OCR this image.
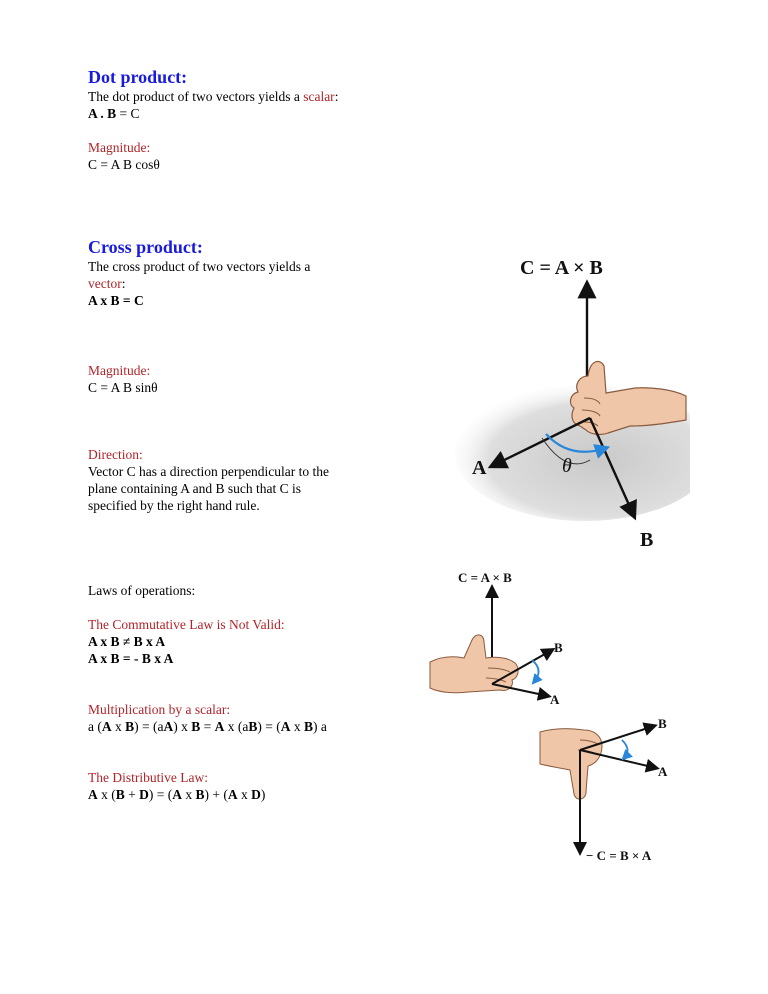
Dot product:
The dot product of two vectors yields a scalar:
A . B = C
Magnitude:
C = A B cosθ
Cross product:
The cross product of two vectors yields a
vector:
A x B = C
Magnitude:
C = A B sinθ
Direction:
Vector C has a direction perpendicular to the
plane containing A and B such that C is
specified by the right hand rule.
Laws of operations:
The Commutative Law is Not Valid:
A x B ≠ B x A
A x B = - B x A
Multiplication by a scalar:
a (A x B) = (aA) x B = A x (aB) = (A x B) a
The Distributive Law:
A x (B + D) = (A x B) + (A x D)
C = A × B
A	θ
B
C = A × B
B
A
B
A
− C = B × A
